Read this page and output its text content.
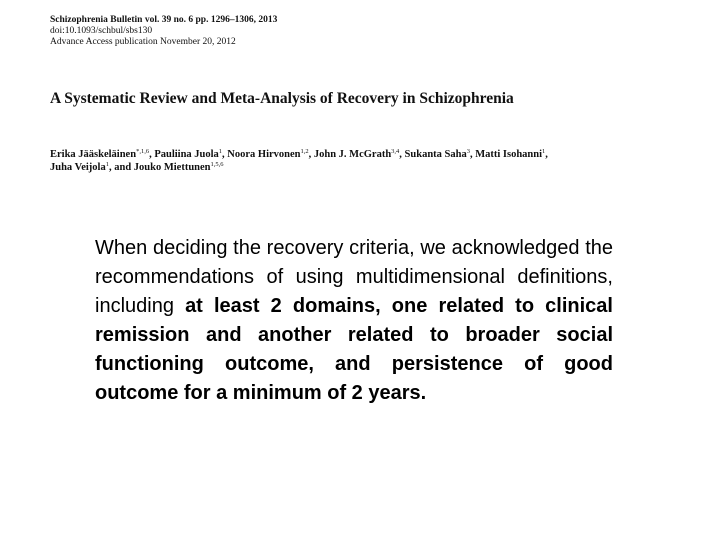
Schizophrenia Bulletin vol. 39 no. 6 pp. 1296–1306, 2013
doi:10.1093/schbul/sbs130
Advance Access publication November 20, 2012
A Systematic Review and Meta-Analysis of Recovery in Schizophrenia
Erika Jääskeläinen$^{*,1,6}$, Pauliina Juola$^1$, Noora Hirvonen$^{1,2}$, John J. McGrath$^{3,4}$, Sukanta Saha$^3$, Matti Isohanni$^1$,
Juha Veijola$^1$, and Jouko Miettunen$^{1,5,6}$
When deciding the recovery criteria, we acknowledged the recommendations of using multidimensional definitions, including at least 2 domains, one related to clinical remission and another related to broader social functioning outcome, and persistence of good outcome for a minimum of 2 years.
